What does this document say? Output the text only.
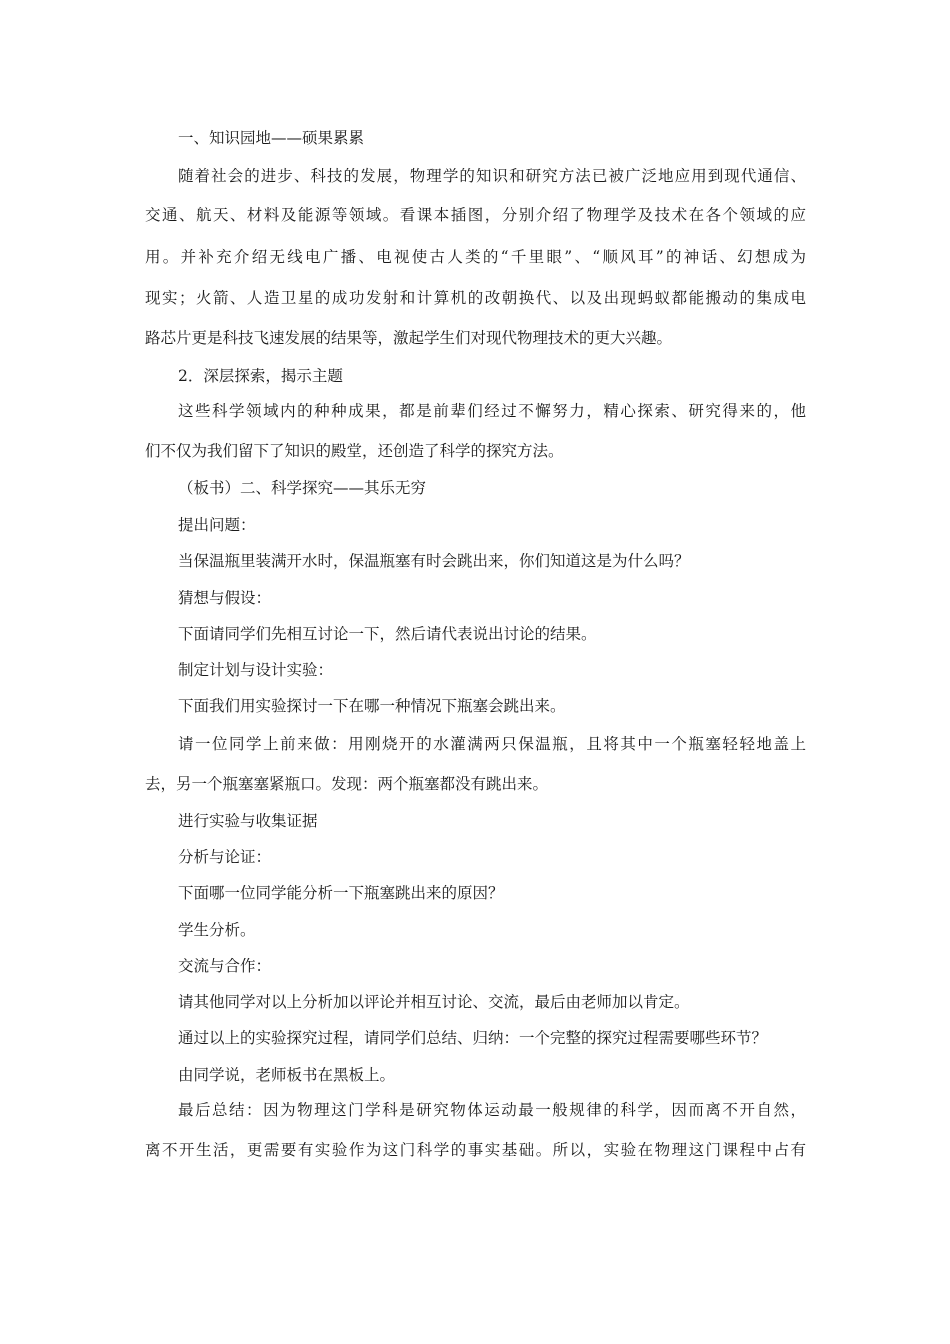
一、知识园地——硕果累累
随着社会的进步、科技的发展，物理学的知识和研究方法已被广泛地应用到现代通信、
交通、航天、材料及能源等领域。看课本插图，分别介绍了物理学及技术在各个领域的应
用。并补充介绍无线电广播、电视使古人类的“千里眼”、“顺风耳”的神话、幻想成为
现实；火箭、人造卫星的成功发射和计算机的改朝换代、以及出现蚂蚁都能搬动的集成电
路芯片更是科技飞速发展的结果等，激起学生们对现代物理技术的更大兴趣。
2．深层探索，揭示主题
这些科学领域内的种种成果，都是前辈们经过不懈努力，精心探索、研究得来的，他
们不仅为我们留下了知识的殿堂，还创造了科学的探究方法。
（板书）二、科学探究——其乐无穷
提出问题：
当保温瓶里装满开水时，保温瓶塞有时会跳出来，你们知道这是为什么吗？
猜想与假设：
下面请同学们先相互讨论一下，然后请代表说出讨论的结果。
制定计划与设计实验：
下面我们用实验探讨一下在哪一种情况下瓶塞会跳出来。
请一位同学上前来做：用刚烧开的水灌满两只保温瓶，且将其中一个瓶塞轻轻地盖上
去，另一个瓶塞塞紧瓶口。发现：两个瓶塞都没有跳出来。
进行实验与收集证据
分析与论证：
下面哪一位同学能分析一下瓶塞跳出来的原因？
学生分析。
交流与合作：
请其他同学对以上分析加以评论并相互讨论、交流，最后由老师加以肯定。
通过以上的实验探究过程，请同学们总结、归纳：一个完整的探究过程需要哪些环节？
由同学说，老师板书在黑板上。
最后总结：因为物理这门学科是研究物体运动最一般规律的科学，因而离不开自然，
离不开生活，更需要有实验作为这门科学的事实基础。所以，实验在物理这门课程中占有
